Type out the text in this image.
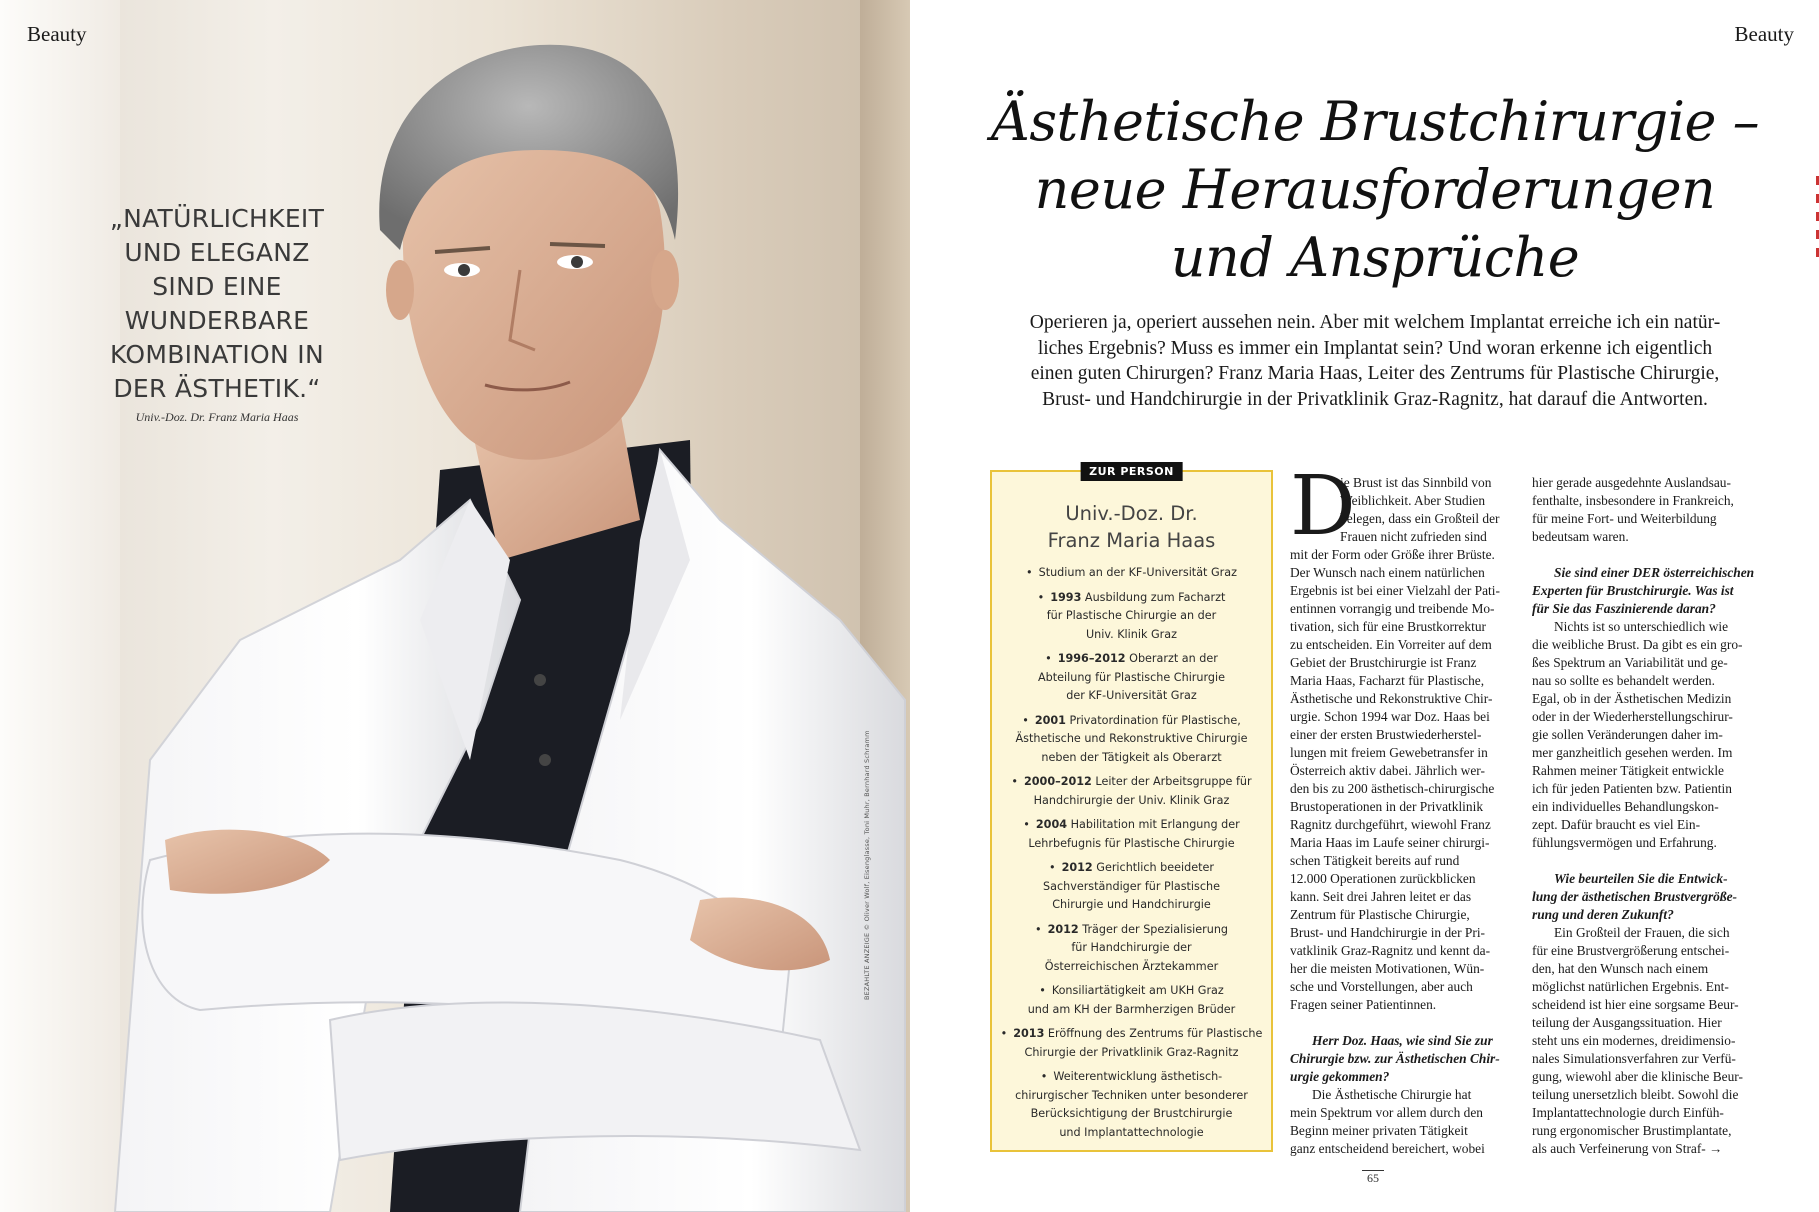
Beauty
„NATÜRLICHKEIT
UND ELEGANZ
SIND EINE
WUNDERBARE
KOMBINATION IN
DER ÄSTHETIK.“
Univ.-Doz. Dr. Franz Maria Haas
Beauty
Ästhetische Brustchirurgie –
neue Herausforderungen
und Ansprüche

Operieren ja, operiert aussehen nein. Aber mit welchem Implantat erreiche ich ein natür-
liches Ergebnis? Muss es immer ein Implantat sein? Und woran erkenne ich eigentlich
einen guten Chirurgen? Franz Maria Haas, Leiter des Zentrums für Plastische Chirurgie,
Brust- und Handchirurgie in der Privatklinik Graz-Ragnitz, hat darauf die Antworten.

ZUR PERSON
Univ.-Doz. Dr.
Franz Maria Haas
• Studium an der KF-Universität Graz
• 1993 Ausbildung zum Facharzt
für Plastische Chirurgie an der
Univ. Klinik Graz
• 1996–2012 Oberarzt an der
Abteilung für Plastische Chirurgie
der KF-Universität Graz
• 2001 Privatordination für Plastische,
Ästhetische und Rekonstruktive Chirurgie
neben der Tätigkeit als Oberarzt
• 2000–2012 Leiter der Arbeitsgruppe für
Handchirurgie der Univ. Klinik Graz
• 2004 Habilitation mit Erlangung der
Lehrbefugnis für Plastische Chirurgie
• 2012 Gerichtlich beeideter
Sachverständiger für Plastische
Chirurgie und Handchirurgie
• 2012 Träger der Spezialisierung
für Handchirurgie der
Österreichischen Ärztekammer
• Konsiliartätigkeit am UKH Graz
und am KH der Barmherzigen Brüder
• 2013 Eröffnung des Zentrums für Plastische
Chirurgie der Privatklinik Graz-Ragnitz
• Weiterentwicklung ästhetisch-
chirurgischer Techniken unter besonderer
Berücksichtigung der Brustchirurgie
und Implantattechnologie
BEZAHLTE ANZEIGE © Oliver Wolf, Eisenglasse, Toni Muhr, Bernhard Schramm
D
ie Brust ist das Sinnbild von
Weiblichkeit. Aber Studien
belegen, dass ein Großteil der
Frauen nicht zufrieden sind
mit der Form oder Größe ihrer Brüste.
Der Wunsch nach einem natürlichen
Ergebnis ist bei einer Vielzahl der Pati-
entinnen vorrangig und treibende Mo-
tivation, sich für eine Brustkorrektur
zu entscheiden. Ein Vorreiter auf dem
Gebiet der Brustchirurgie ist Franz
Maria Haas, Facharzt für Plastische,
Ästhetische und Rekonstruktive Chir-
urgie. Schon 1994 war Doz. Haas bei
einer der ersten Brustwiederherstel-
lungen mit freiem Gewebetransfer in
Österreich aktiv dabei. Jährlich wer-
den bis zu 200 ästhetisch-chirurgische
Brustoperationen in der Privatklinik
Ragnitz durchgeführt, wiewohl Franz
Maria Haas im Laufe seiner chirurgi-
schen Tätigkeit bereits auf rund
12.000 Operationen zurückblicken
kann. Seit drei Jahren leitet er das
Zentrum für Plastische Chirurgie,
Brust- und Handchirurgie in der Pri-
vatklinik Graz-Ragnitz und kennt da-
her die meisten Motivationen, Wün-
sche und Vorstellungen, aber auch
Fragen seiner Patientinnen.
Herr Doz. Haas, wie sind Sie zur
Chirurgie bzw. zur Ästhetischen Chir-
urgie gekommen?
Die Ästhetische Chirurgie hat
mein Spektrum vor allem durch den
Beginn meiner privaten Tätigkeit
ganz entscheidend bereichert, wobei
hier gerade ausgedehnte Auslandsau-
fenthalte, insbesondere in Frankreich,
für meine Fort- und Weiterbildung
bedeutsam waren.
Sie sind einer DER österreichischen
Experten für Brustchirurgie. Was ist
für Sie das Faszinierende daran?
Nichts ist so unterschiedlich wie
die weibliche Brust. Da gibt es ein gro-
ßes Spektrum an Variabilität und ge-
nau so sollte es behandelt werden.
Egal, ob in der Ästhetischen Medizin
oder in der Wiederherstellungschirur-
gie sollen Veränderungen daher im-
mer ganzheitlich gesehen werden. Im
Rahmen meiner Tätigkeit entwickle
ich für jeden Patienten bzw. Patientin
ein individuelles Behandlungskon-
zept. Dafür braucht es viel Ein-
fühlungsvermögen und Erfahrung.
Wie beurteilen Sie die Entwick-
lung der ästhetischen Brustvergröße-
rung und deren Zukunft?
Ein Großteil der Frauen, die sich
für eine Brustvergrößerung entschei-
den, hat den Wunsch nach einem
möglichst natürlichen Ergebnis. Ent-
scheidend ist hier eine sorgsame Beur-
teilung der Ausgangssituation. Hier
steht uns ein modernes, dreidimensio-
nales Simulationsverfahren zur Verfü-
gung, wiewohl aber die klinische Beur-
teilung unersetzlich bleibt. Sowohl die
Implantattechnologie durch Einfüh-
rung ergonomischer Brustimplantate,
als auch Verfeinerung von Straf- →
65
